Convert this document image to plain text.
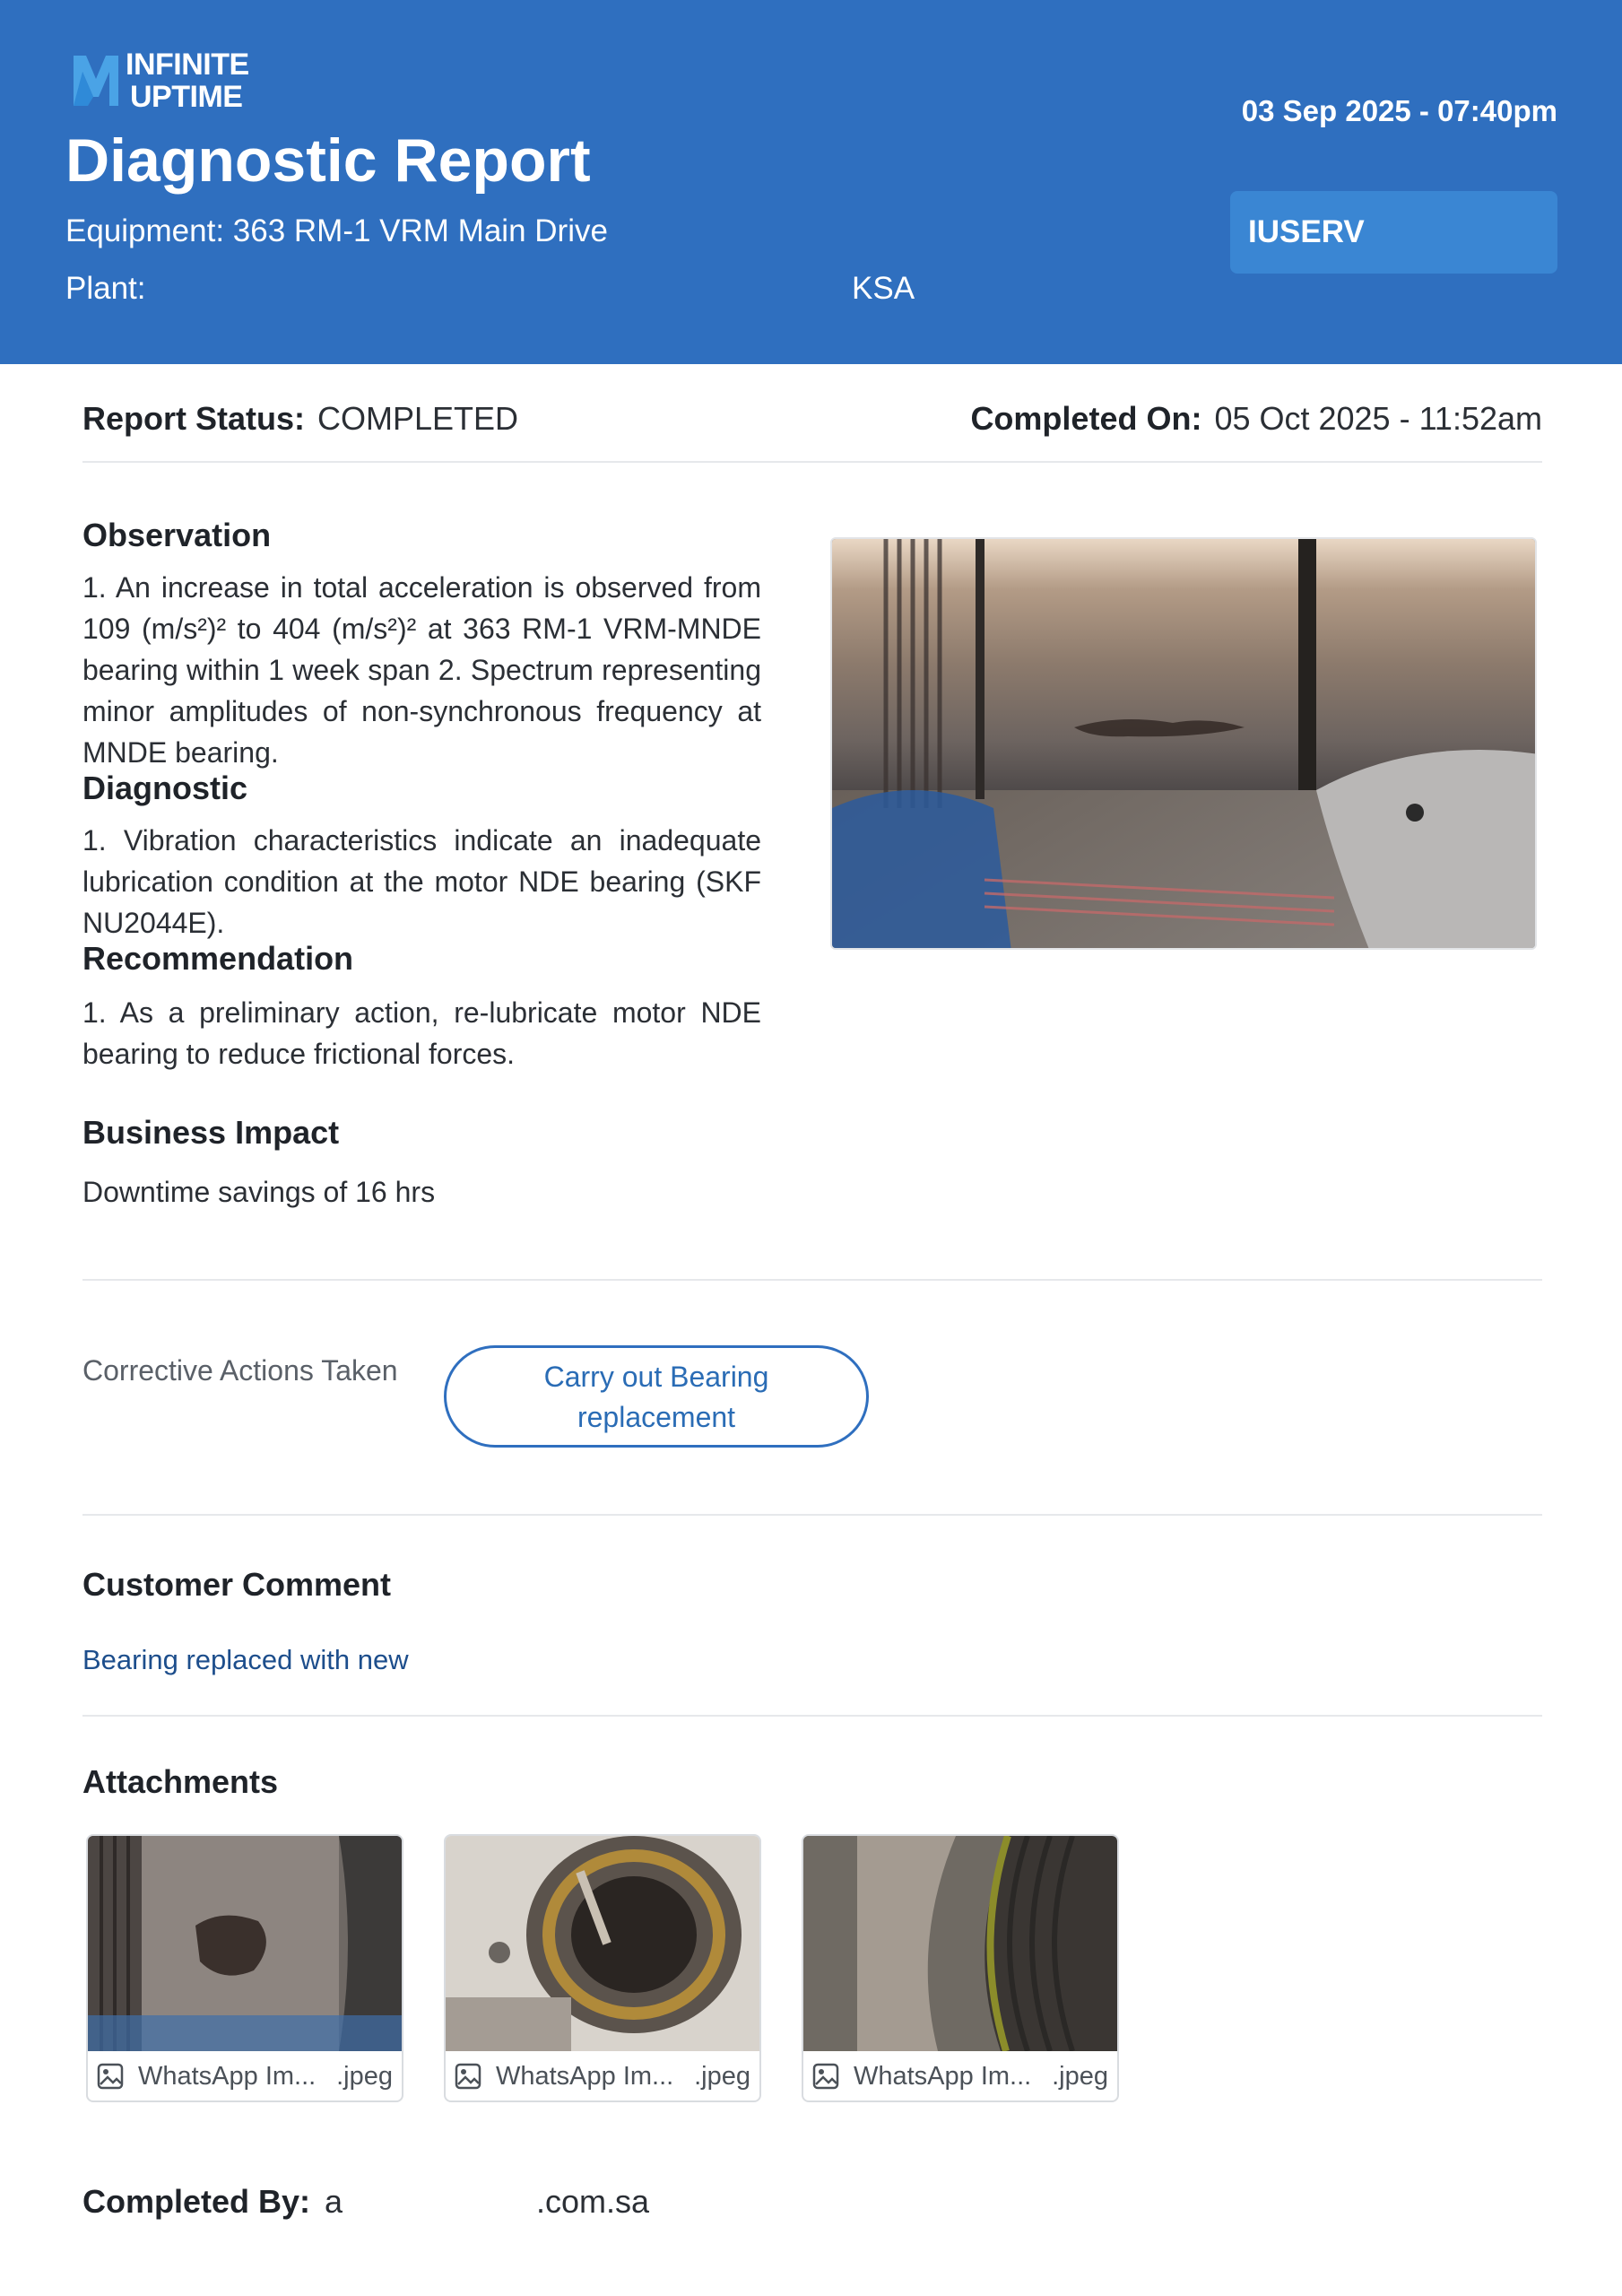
INFINITE
UPTIME
Diagnostic Report
Equipment: 363 RM-1 VRM Main Drive
Plant:	KSA
03 Sep 2025 - 07:40pm
IUSERV
Report Status: COMPLETED	Completed On: 05 Oct 2025 - 11:52am
Observation
1. An increase in total acceleration is observed from 109 (m/s²)² to 404 (m/s²)² at 363 RM-1 VRM-MNDE bearing within 1 week span 2. Spectrum representing minor amplitudes of non-synchronous frequency at MNDE bearing.
Diagnostic
1. Vibration characteristics indicate an inadequate lubrication condition at the motor NDE bearing (SKF NU2044E).
Recommendation
1. As a preliminary action, re-lubricate motor NDE bearing to reduce frictional forces.
Business Impact
Downtime savings of 16 hrs
Corrective Actions Taken	Carry out Bearing
replacement
Customer Comment
Bearing replaced with new
Attachments
WhatsApp Im... .jpeg	WhatsApp Im... .jpeg	WhatsApp Im... .jpeg
Completed By: a	.com.sa
